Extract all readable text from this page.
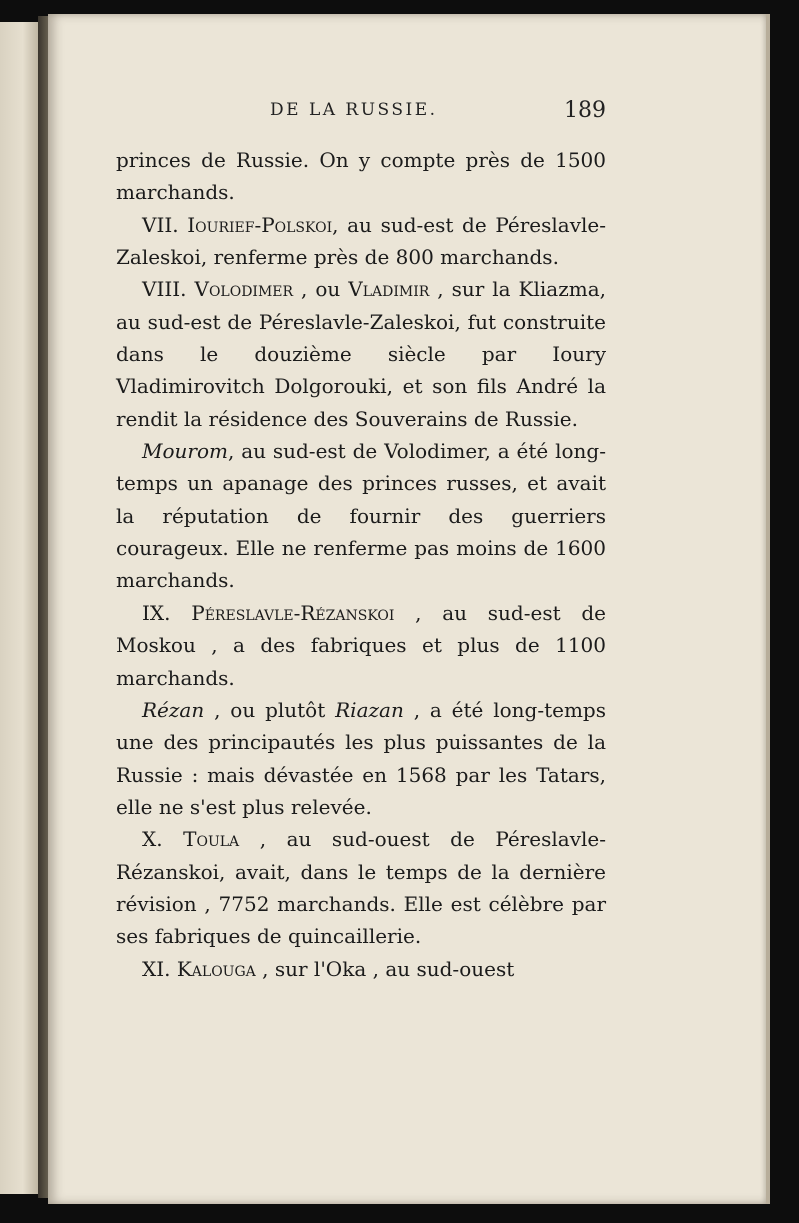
DE LA RUSSIE.	189

princes de Russie. On y compte près de 1500 marchands.

VII. Iourief-Polskoi, au sud-est de Péreslavle-Zaleskoi, renferme près de 800 marchands.

VIII. Volodimer , ou Vladimir , sur la Kliazma, au sud-est de Péreslavle-Zaleskoi, fut construite dans le douzième siècle par Ioury Vladimirovitch Dolgorouki, et son fils André la rendit la résidence des Souverains de Russie.

Mourom, au sud-est de Volodimer, a été long-temps un apanage des princes russes, et avait la réputation de fournir des guerriers courageux. Elle ne renferme pas moins de 1600 marchands.

IX. Péreslavle-Rézanskoi , au sud-est de Moskou , a des fabriques et plus de 1100 marchands.

Rézan , ou plutôt Riazan , a été long-temps une des principautés les plus puissantes de la Russie : mais dévastée en 1568 par les Tatars, elle ne s'est plus relevée.

X. Toula , au sud-ouest de Péreslavle-Rézanskoi, avait, dans le temps de la dernière révision , 7752 marchands. Elle est célèbre par ses fabriques de quincaillerie.

XI. Kalouga , sur l'Oka , au sud-ouest
